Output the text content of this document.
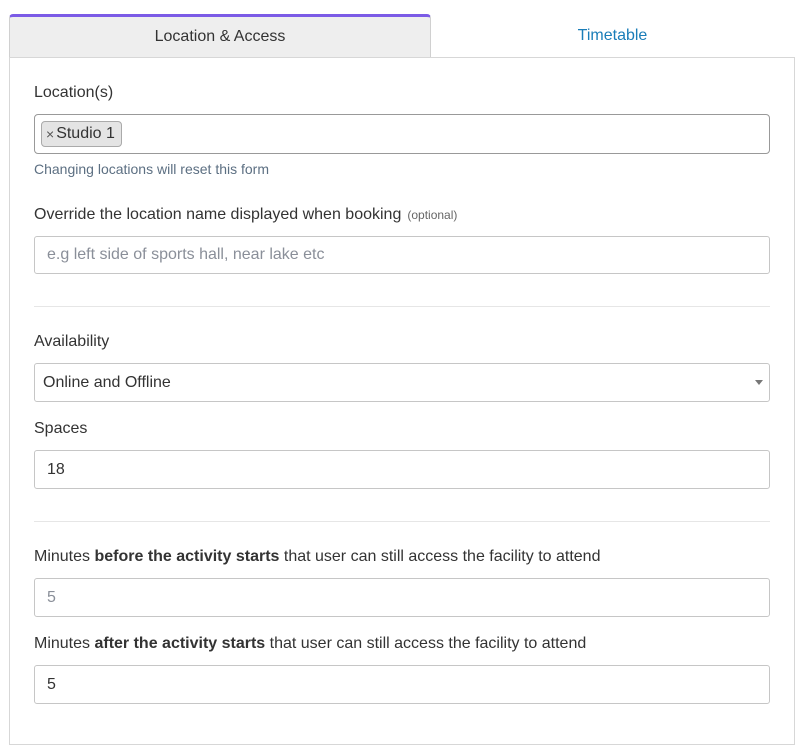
Location & Access	Timetable
Location(s)
× Studio 1
Changing locations will reset this form
Override the location name displayed when booking (optional)
e.g left side of sports hall, near lake etc
Availability
Online and Offline
Spaces
18
Minutes before the activity starts that user can still access the facility to attend
5
Minutes after the activity starts that user can still access the facility to attend
5
